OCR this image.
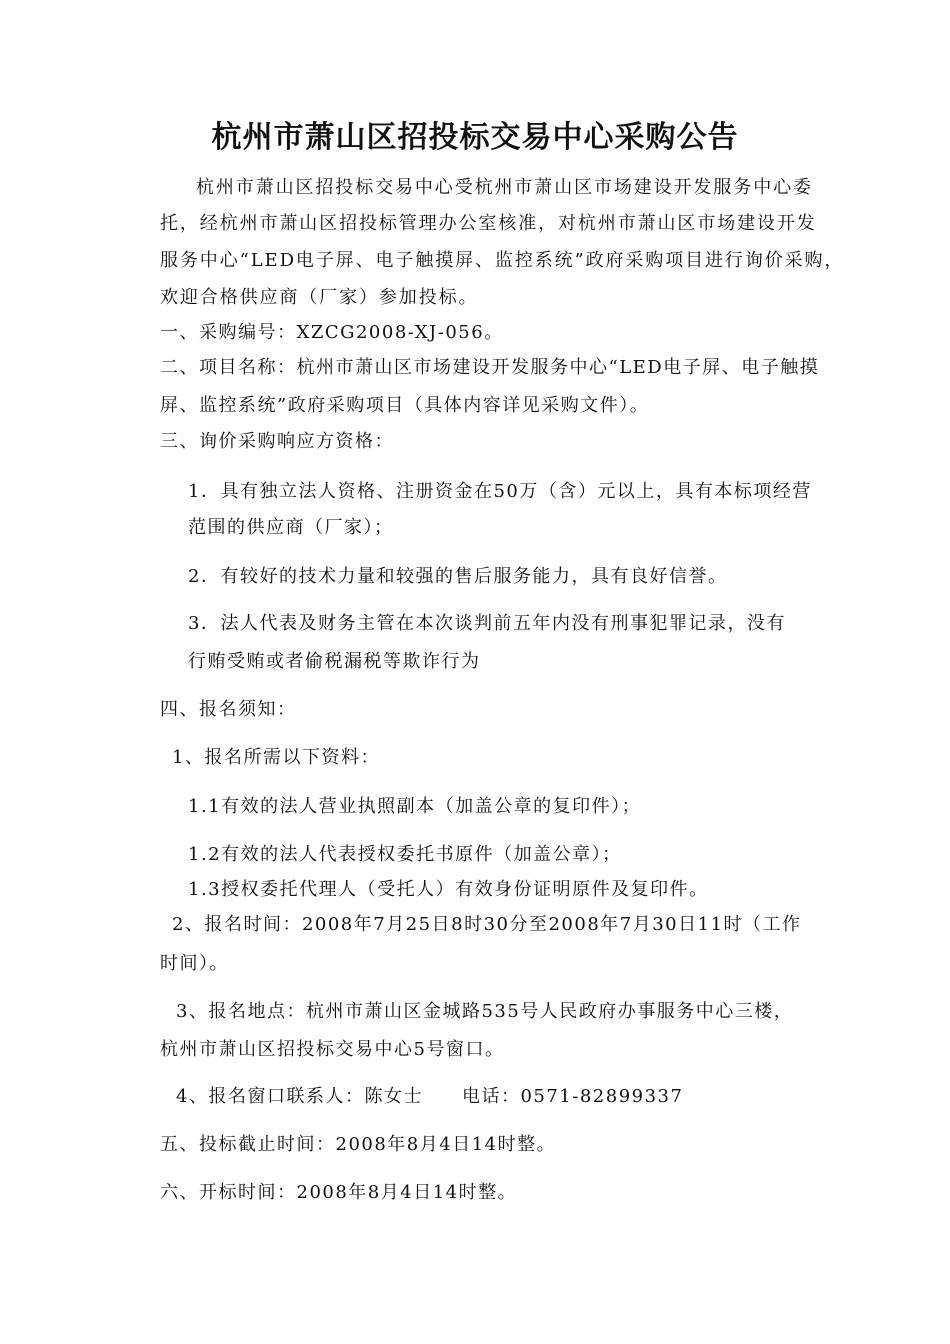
杭州市萧山区招投标交易中心采购公告
杭州市萧山区招投标交易中心受杭州市萧山区市场建设开发服务中心委
托，经杭州市萧山区招投标管理办公室核准，对杭州市萧山区市场建设开发
服务中心“LED电子屏、电子触摸屏、监控系统”政府采购项目进行询价采购，
欢迎合格供应商（厂家）参加投标。
一、采购编号：XZCG2008-XJ-056。
二、项目名称：杭州市萧山区市场建设开发服务中心“LED电子屏、电子触摸
屏、监控系统”政府采购项目（具体内容详见采购文件）。
三、询价采购响应方资格：
1．具有独立法人资格、注册资金在50万（含）元以上，具有本标项经营
范围的供应商（厂家）；
2．有较好的技术力量和较强的售后服务能力，具有良好信誉。
3．法人代表及财务主管在本次谈判前五年内没有刑事犯罪记录，没有
行贿受贿或者偷税漏税等欺诈行为
四、报名须知：
1、报名所需以下资料：
1.1有效的法人营业执照副本（加盖公章的复印件）；
1.2有效的法人代表授权委托书原件（加盖公章）；
1.3授权委托代理人（受托人）有效身份证明原件及复印件。
2、报名时间：2008年7月25日8时30分至2008年7月30日11时（工作
时间）。
3、报名地点：杭州市萧山区金城路535号人民政府办事服务中心三楼，
杭州市萧山区招投标交易中心5号窗口。
4、报名窗口联系人：陈女士　　电话：0571-82899337
五、投标截止时间：2008年8月4日14时整。
六、开标时间：2008年8月4日14时整。
